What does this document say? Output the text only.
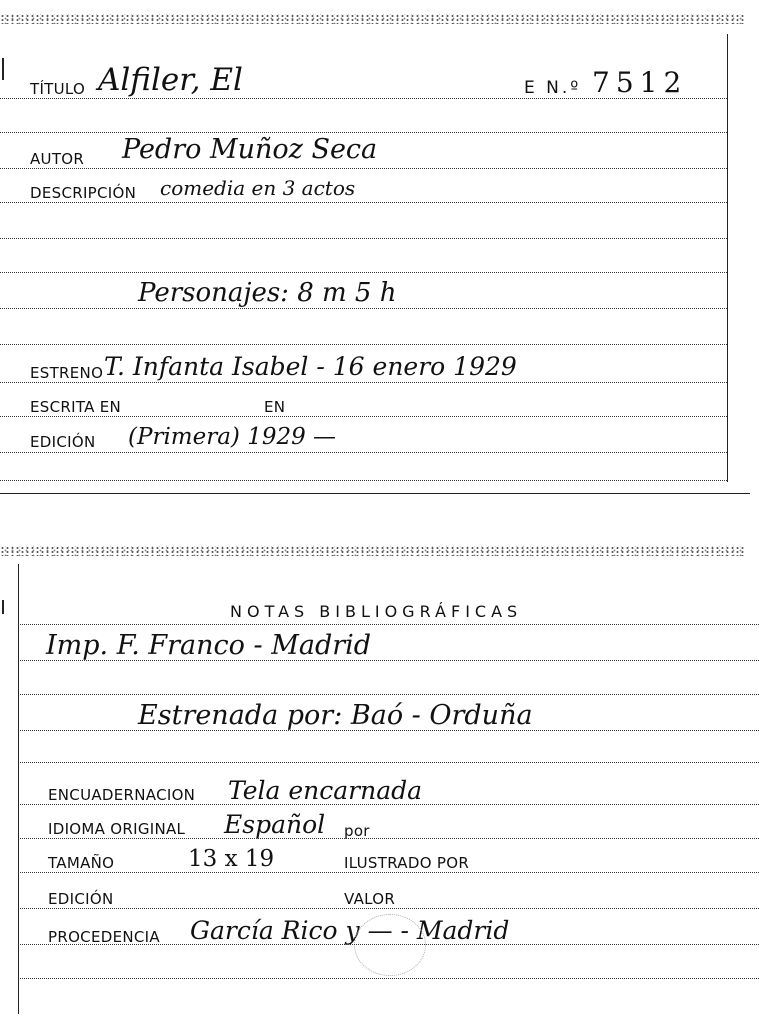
TÍTULO Alfiler, El	E N.º 7512
AUTOR Pedro Muñoz Seca
DESCRIPCIÓN comedia en 3 actos
Personajes: 8 m 5 h
ESTRENO T. Infanta Isabel - 16 enero 1929
ESCRITA EN	EN
EDICIÓN (Primera) 1929 —
NOTAS BIBLIOGRÁFICAS
Imp. F. Franco - Madrid
Estrenada por: Baó - Orduña
ENCUADERNACION Tela encarnada
IDIOMA ORIGINAL Español por
TAMAÑO	13 x 19	ILUSTRADO POR
EDICIÓN	VALOR
PROCEDENCIA García Rico y — - Madrid
